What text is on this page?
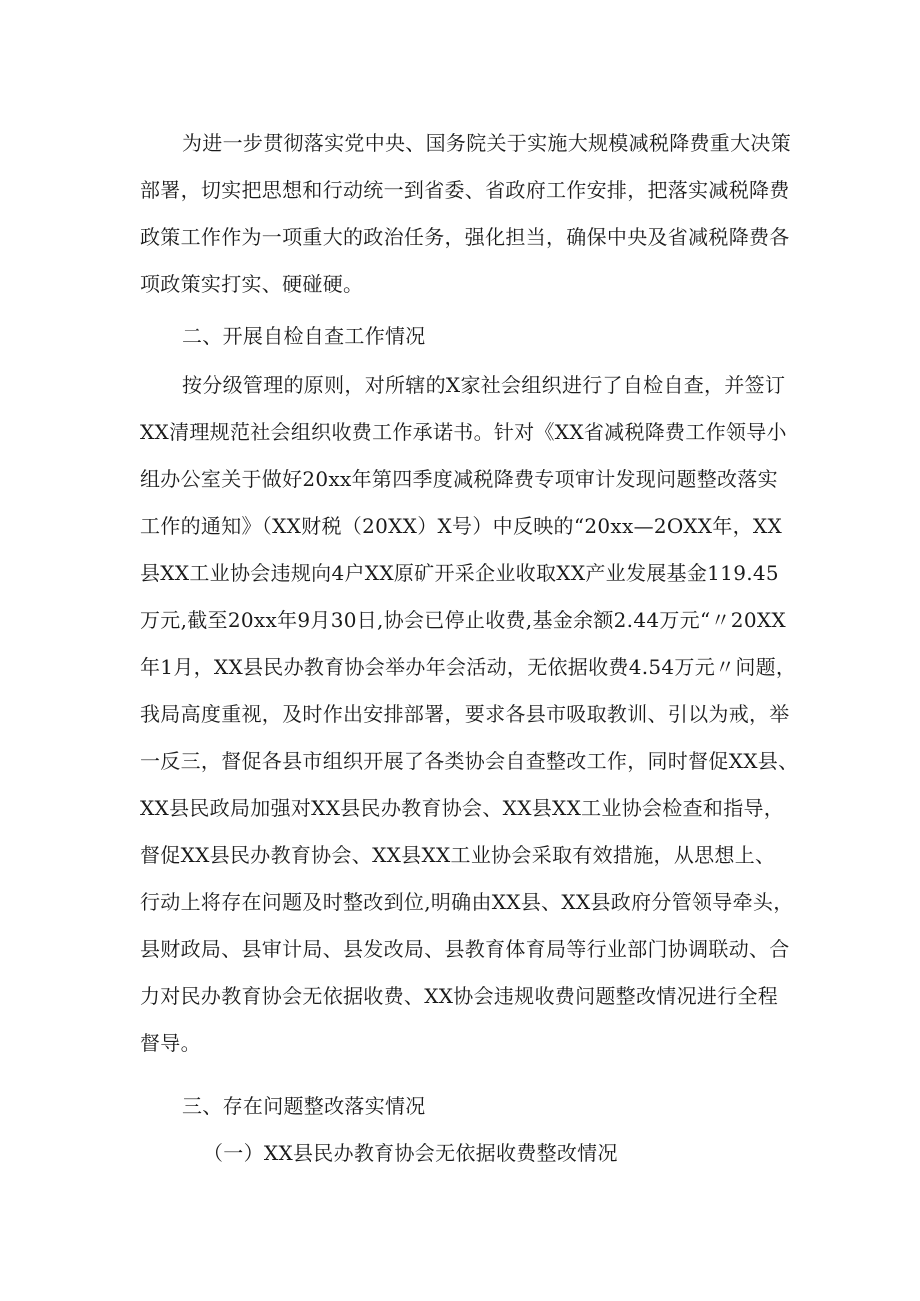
为进一步贯彻落实党中央、国务院关于实施大规模减税降费重大决策
部署，切实把思想和行动统一到省委、省政府工作安排，把落实减税降费
政策工作作为一项重大的政治任务，强化担当，确保中央及省减税降费各
项政策实打实、硬碰硬。
二、开展自检自查工作情况
按分级管理的原则，对所辖的X家社会组织进行了自检自查，并签订
XX清理规范社会组织收费工作承诺书。针对《XX省减税降费工作领导小
组办公室关于做好20xx年第四季度减税降费专项审计发现问题整改落实
工作的通知》（XX财税（20XX）X号）中反映的“20xx—2OXX年，XX
县XX工业协会违规向4户XX原矿开采企业收取XX产业发展基金119.45
万元,截至20xx年9月30日,协会已停止收费,基金余额2.44万元“〃20XX
年1月，XX县民办教育协会举办年会活动，无依据收费4.54万元〃问题，
我局高度重视，及时作出安排部署，要求各县市吸取教训、引以为戒，举
一反三，督促各县市组织开展了各类协会自查整改工作，同时督促XX县、
XX县民政局加强对XX县民办教育协会、XX县XX工业协会检查和指导，
督促XX县民办教育协会、XX县XX工业协会采取有效措施，从思想上、
行动上将存在问题及时整改到位,明确由XX县、XX县政府分管领导牵头，
县财政局、县审计局、县发改局、县教育体育局等行业部门协调联动、合
力对民办教育协会无依据收费、XX协会违规收费问题整改情况进行全程
督导。
三、存在问题整改落实情况
（一）XX县民办教育协会无依据收费整改情况
